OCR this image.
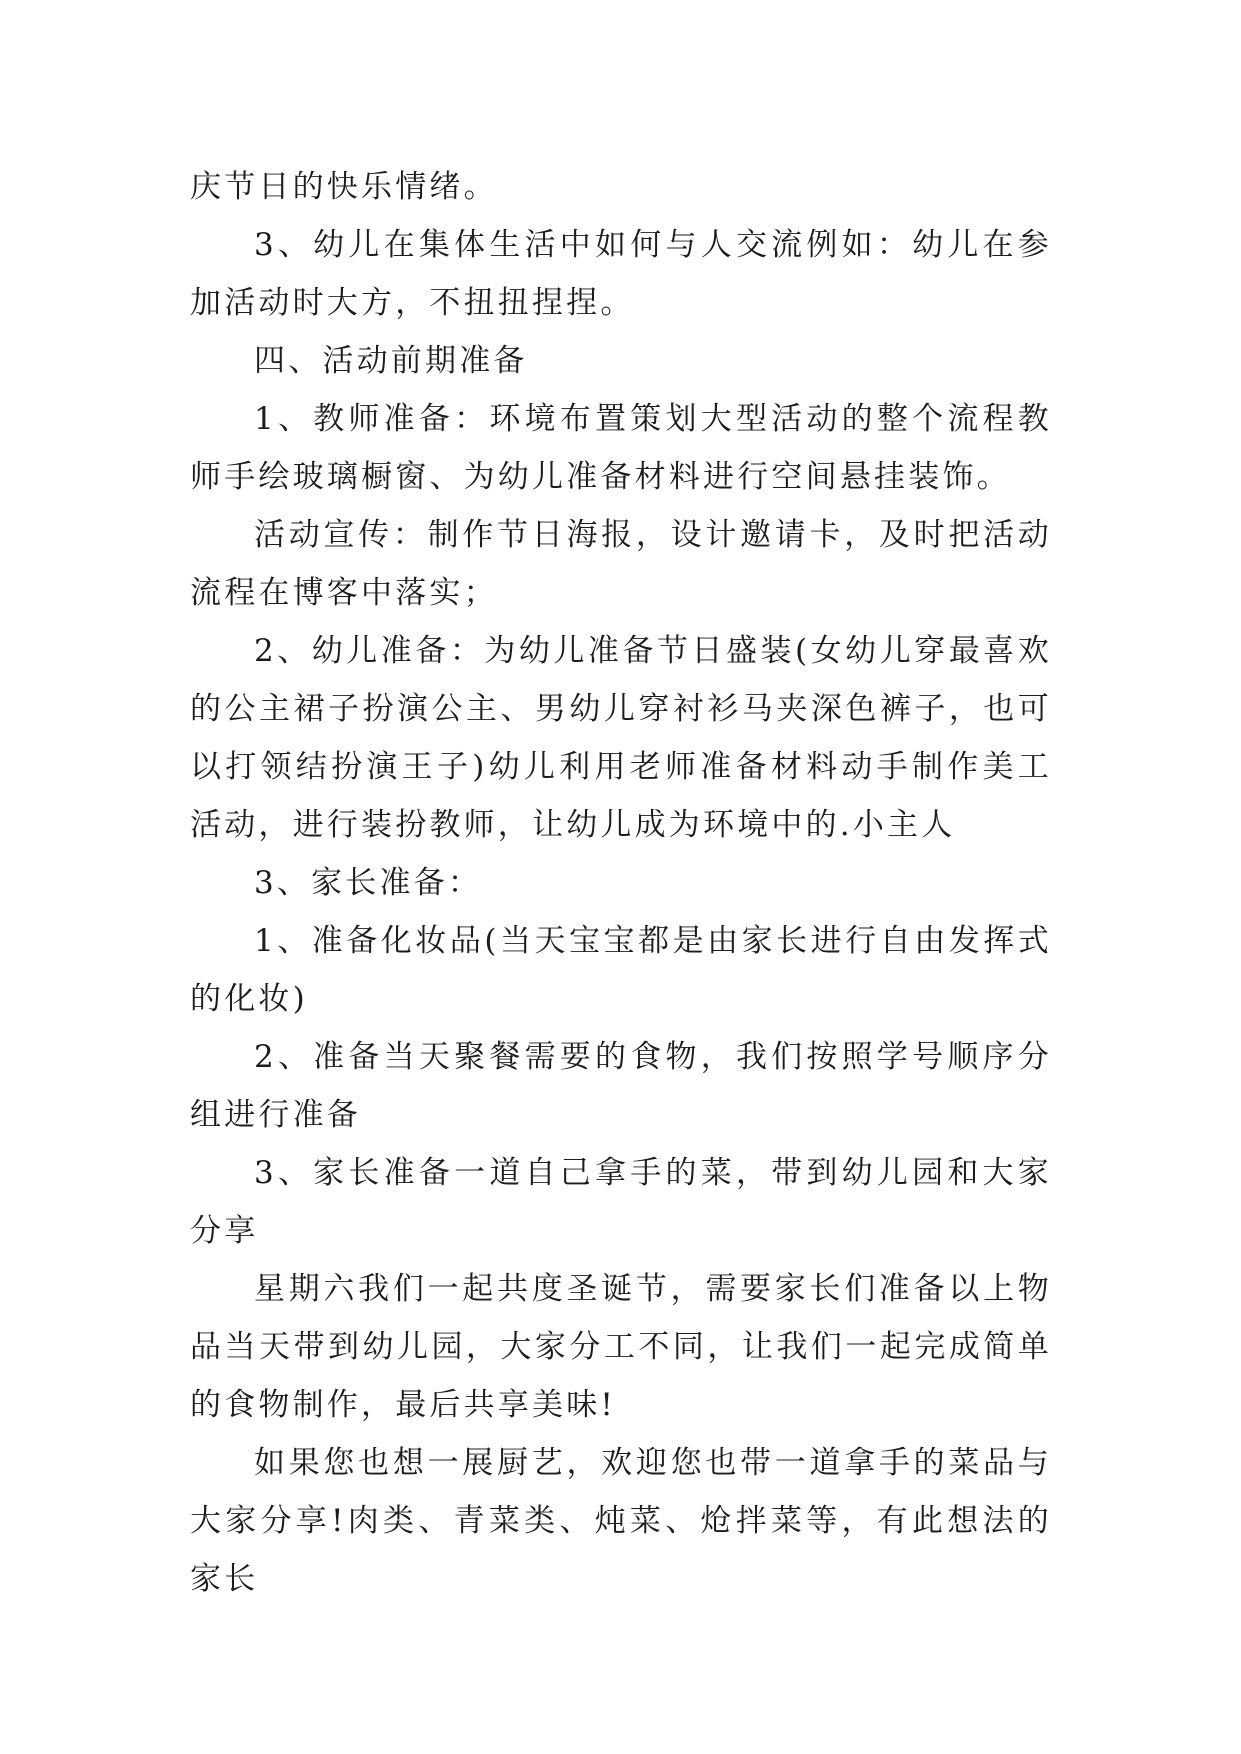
庆节日的快乐情绪。

3、幼儿在集体生活中如何与人交流例如：幼儿在参加活动时大方，不扭扭捏捏。

四、活动前期准备

1、教师准备：环境布置策划大型活动的整个流程教师手绘玻璃橱窗、为幼儿准备材料进行空间悬挂装饰。

活动宣传：制作节日海报，设计邀请卡，及时把活动流程在博客中落实；

2、幼儿准备：为幼儿准备节日盛装(女幼儿穿最喜欢的公主裙子扮演公主、男幼儿穿衬衫马夹深色裤子，也可以打领结扮演王子)幼儿利用老师准备材料动手制作美工活动，进行装扮教师，让幼儿成为环境中的.小主人

3、家长准备：

1、准备化妆品(当天宝宝都是由家长进行自由发挥式的化妆)

2、准备当天聚餐需要的食物，我们按照学号顺序分组进行准备

3、家长准备一道自己拿手的菜，带到幼儿园和大家分享

星期六我们一起共度圣诞节，需要家长们准备以上物品当天带到幼儿园，大家分工不同，让我们一起完成简单的食物制作，最后共享美味!

如果您也想一展厨艺，欢迎您也带一道拿手的菜品与大家分享!肉类、青菜类、炖菜、炝拌菜等，有此想法的家长
